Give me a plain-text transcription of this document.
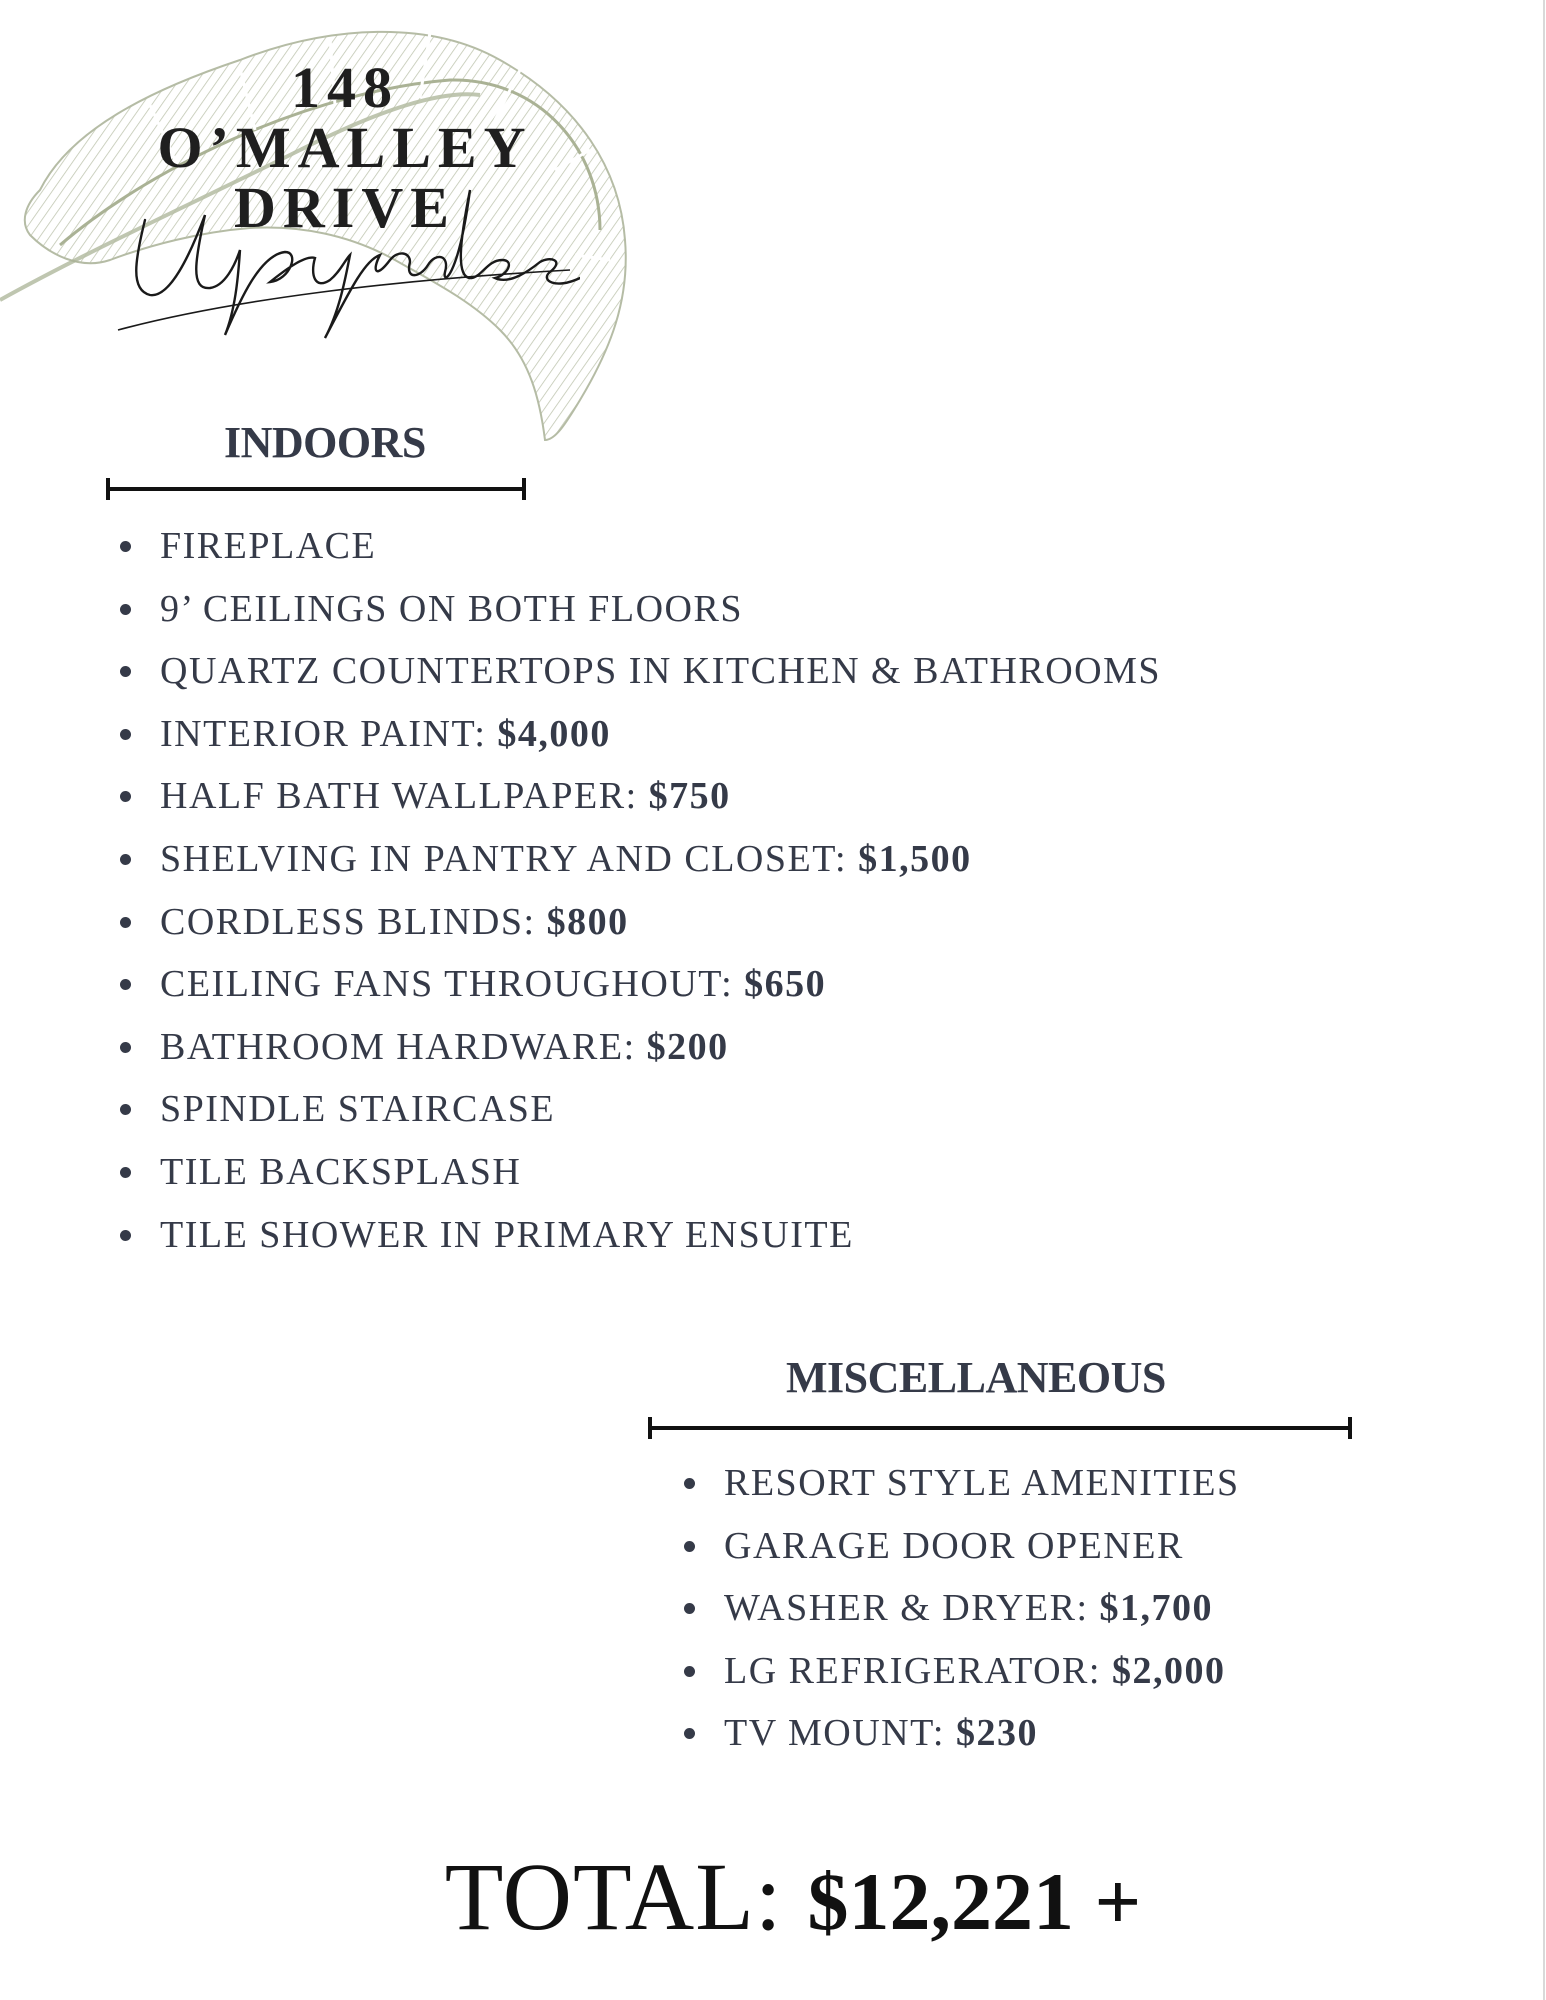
148 O’MALLEY
DRIVE
INDOORS
FIREPLACE
9’ CEILINGS ON BOTH FLOORS
QUARTZ COUNTERTOPS IN KITCHEN & BATHROOMS
INTERIOR PAINT: $4,000
HALF BATH WALLPAPER: $750
SHELVING IN PANTRY AND CLOSET: $1,500
CORDLESS BLINDS: $800
CEILING FANS THROUGHOUT: $650
BATHROOM HARDWARE: $200
SPINDLE STAIRCASE
TILE BACKSPLASH
TILE SHOWER IN PRIMARY ENSUITE
MISCELLANEOUS
RESORT STYLE AMENITIES
GARAGE DOOR OPENER
WASHER & DRYER: $1,700
LG REFRIGERATOR: $2,000
TV MOUNT: $230
TOTAL: $12,221 +
